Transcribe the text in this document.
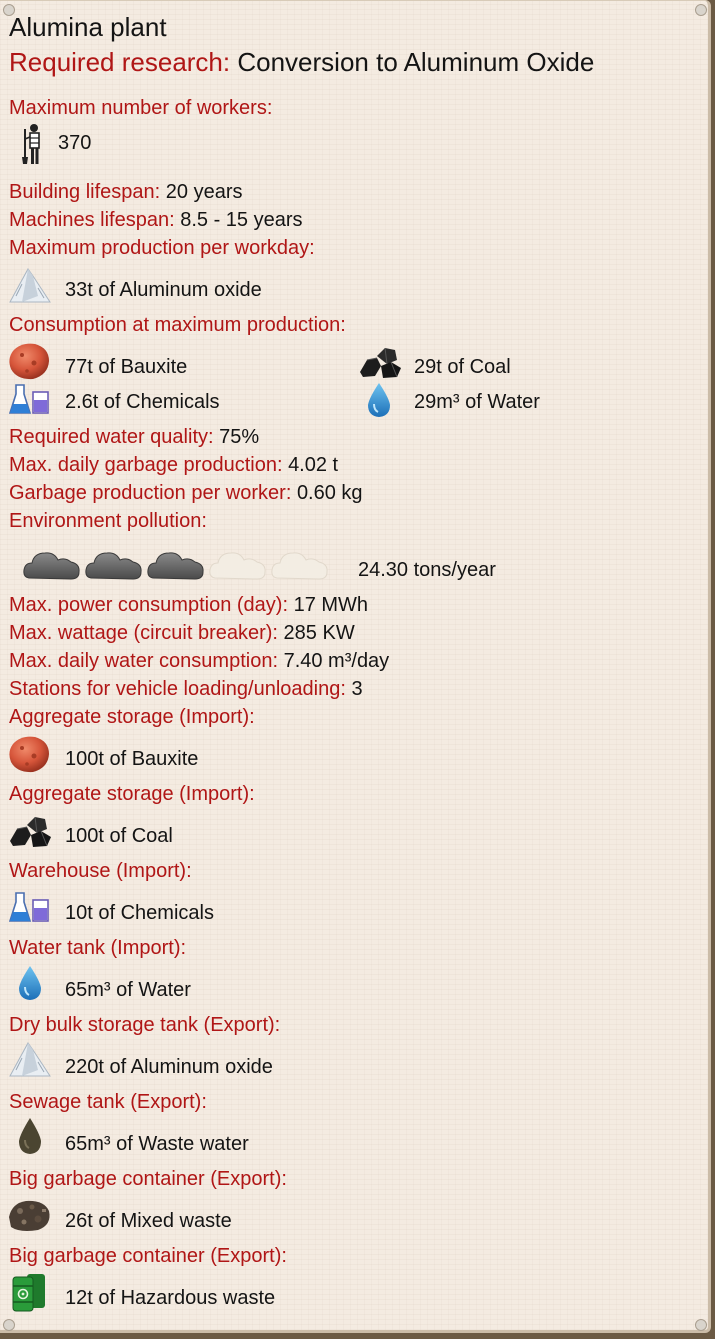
Alumina plant
Required research: Conversion to Aluminum Oxide
Maximum number of workers:
370
Building lifespan: 20 years
Machines lifespan: 8.5 - 15 years
Maximum production per workday:
33t of Aluminum oxide
Consumption at maximum production:
77t of Bauxite	29t of Coal
2.6t of Chemicals	29m³ of Water
Required water quality: 75%
Max. daily garbage production: 4.02 t
Garbage production per worker: 0.60 kg
Environment pollution:
24.30 tons/year
Max. power consumption (day): 17 MWh
Max. wattage (circuit breaker): 285 KW
Max. daily water consumption: 7.40 m³/day
Stations for vehicle loading/unloading: 3
Aggregate storage (Import):
100t of Bauxite
Aggregate storage (Import):
100t of Coal
Warehouse (Import):
10t of Chemicals
Water tank (Import):
65m³ of Water
Dry bulk storage tank (Export):
220t of Aluminum oxide
Sewage tank (Export):
65m³ of Waste water
Big garbage container (Export):
26t of Mixed waste
Big garbage container (Export):
12t of Hazardous waste
